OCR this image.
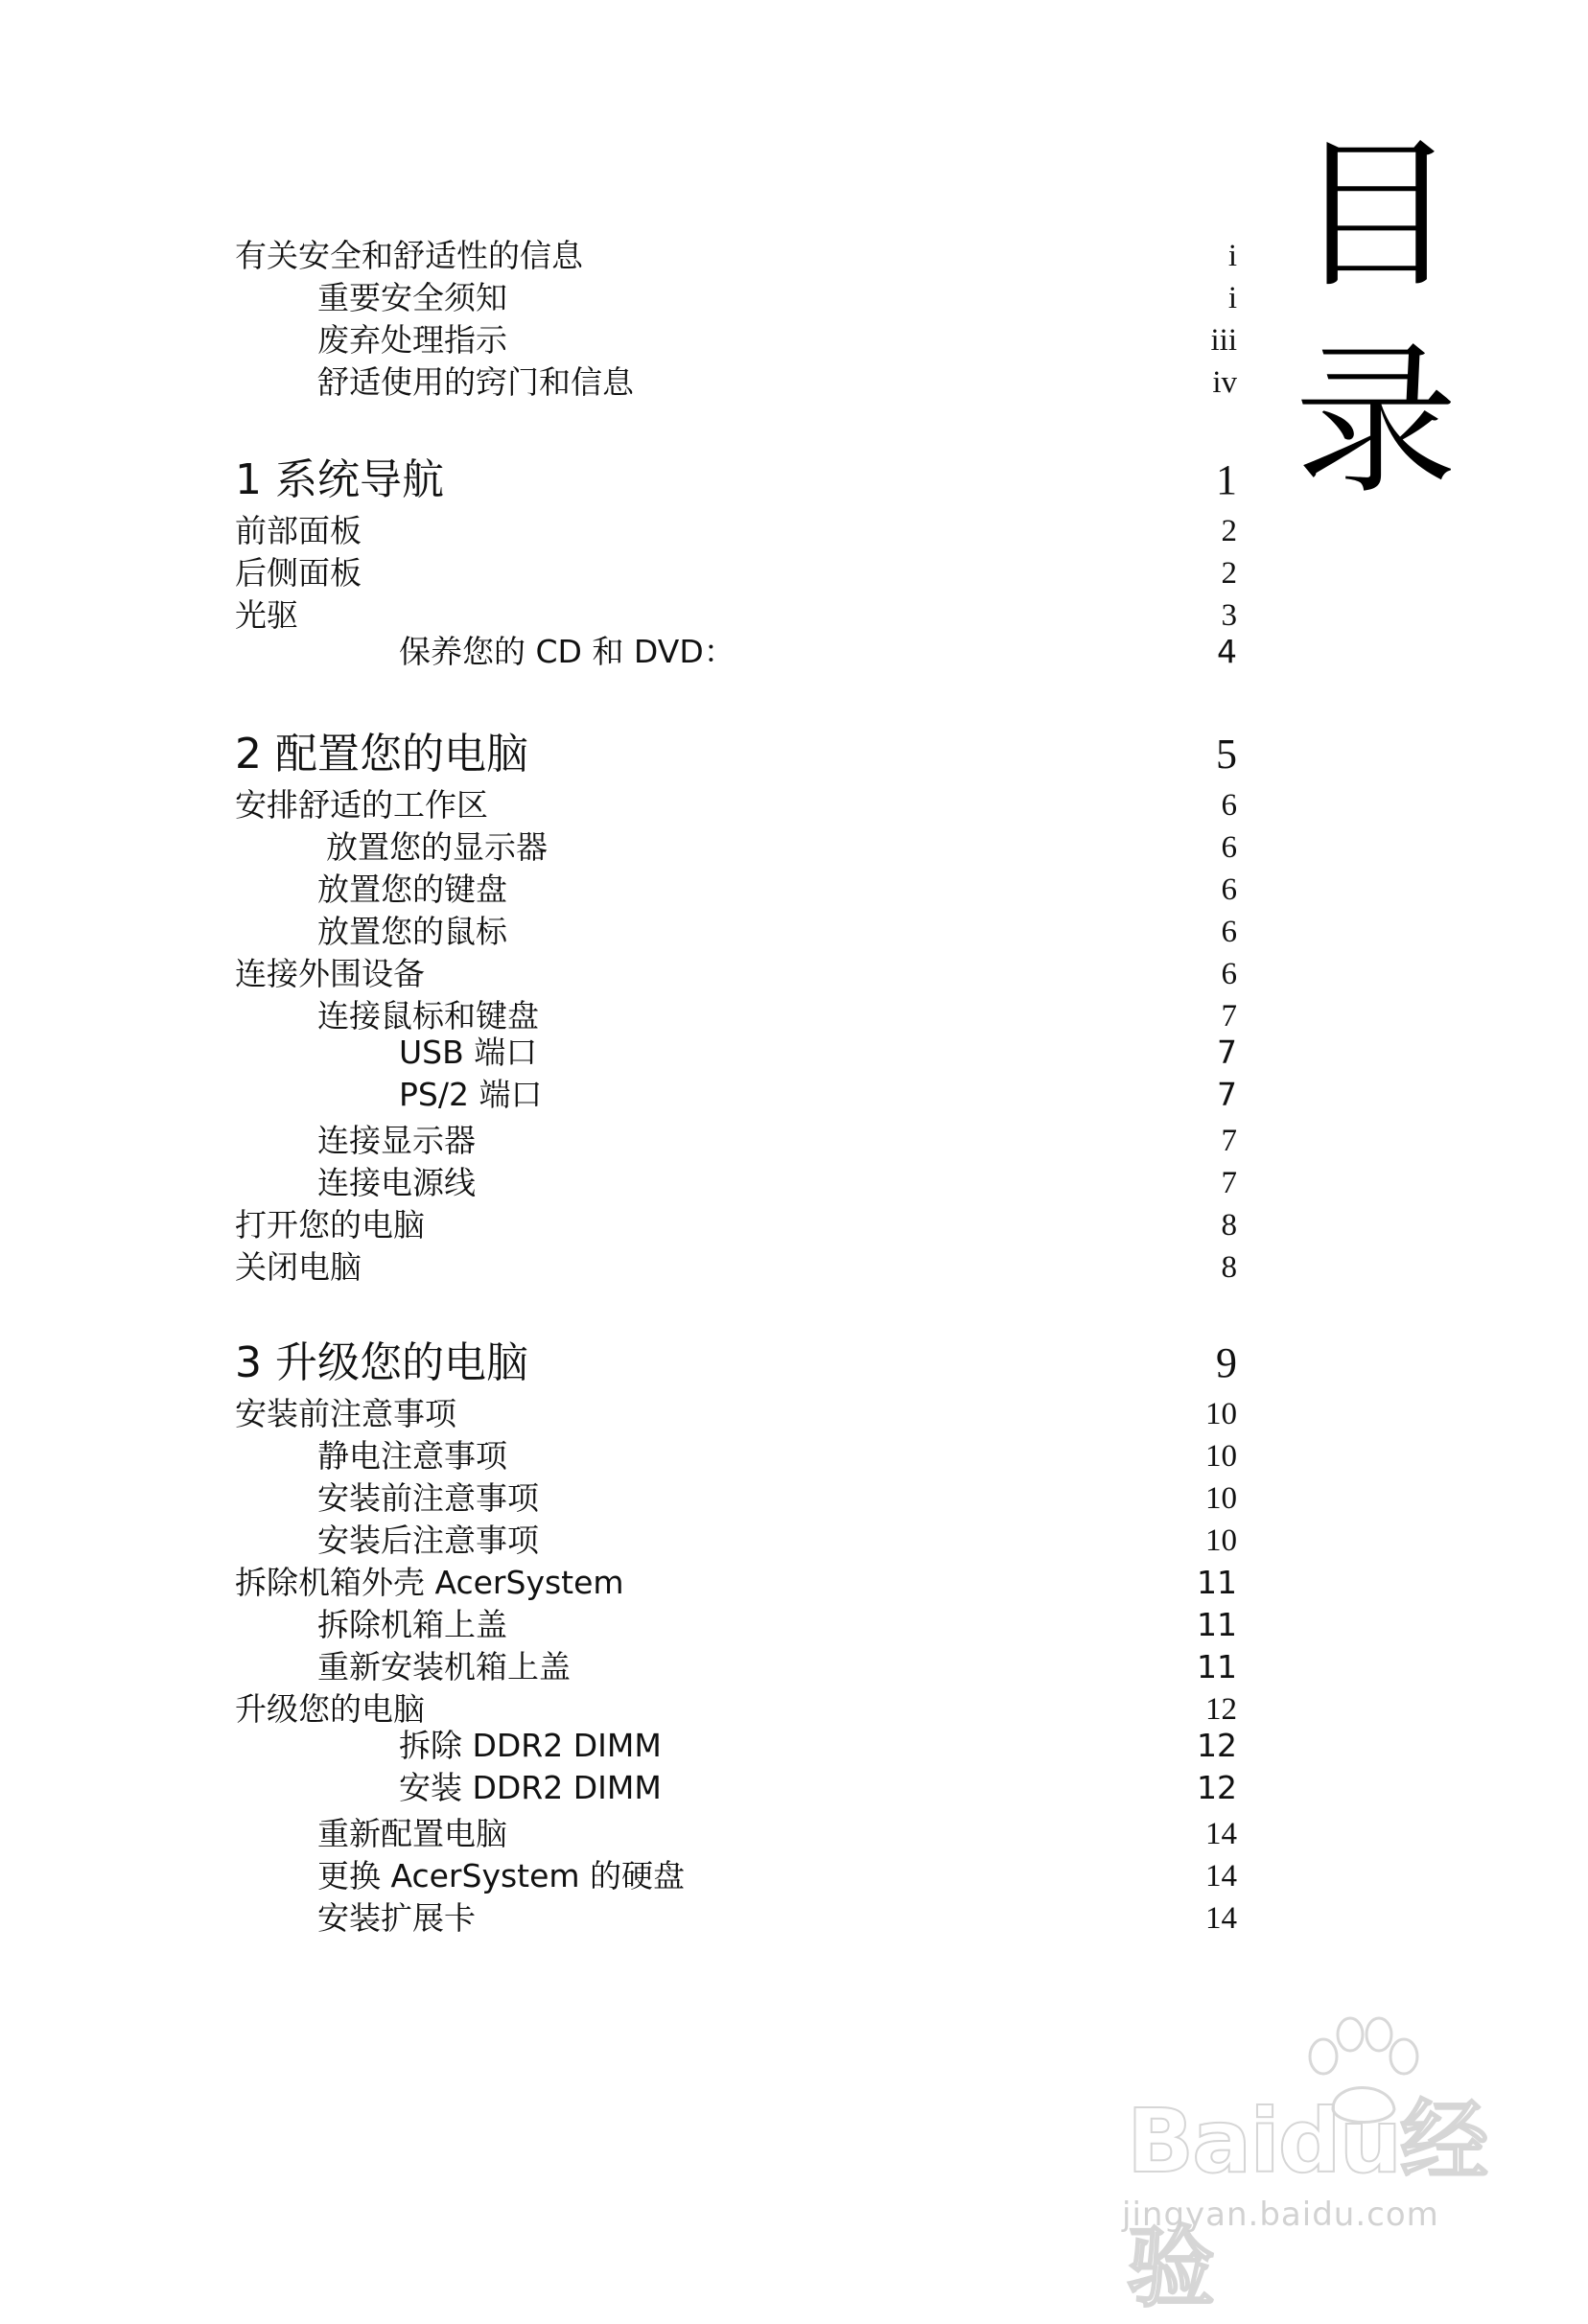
目
录
有关安全和舒适性的信息	i
重要安全须知	i
废弃处理指示	iii
舒适使用的窍门和信息	iv
1 系统导航	1
前部面板	2
后侧面板	2
光驱	3
保养您的 CD 和 DVD：	4
2 配置您的电脑	5
安排舒适的工作区	6
放置您的显示器	6
放置您的键盘	6
放置您的鼠标	6
连接外围设备	6
连接鼠标和键盘	7
USB 端口	7
PS/2 端口	7
连接显示器	7
连接电源线	7
打开您的电脑	8
关闭电脑	8
3 升级您的电脑	9
安装前注意事项	10
静电注意事项	10
安装前注意事项	10
安装后注意事项	10
拆除机箱外壳 AcerSystem	11
拆除机箱上盖	11
重新安装机箱上盖	11
升级您的电脑	12
拆除 DDR2 DIMM	12
安装 DDR2 DIMM	12
重新配置电脑	14
更换 AcerSystem 的硬盘	14
安装扩展卡	14
Baidu经验
jingyan.baidu.com
